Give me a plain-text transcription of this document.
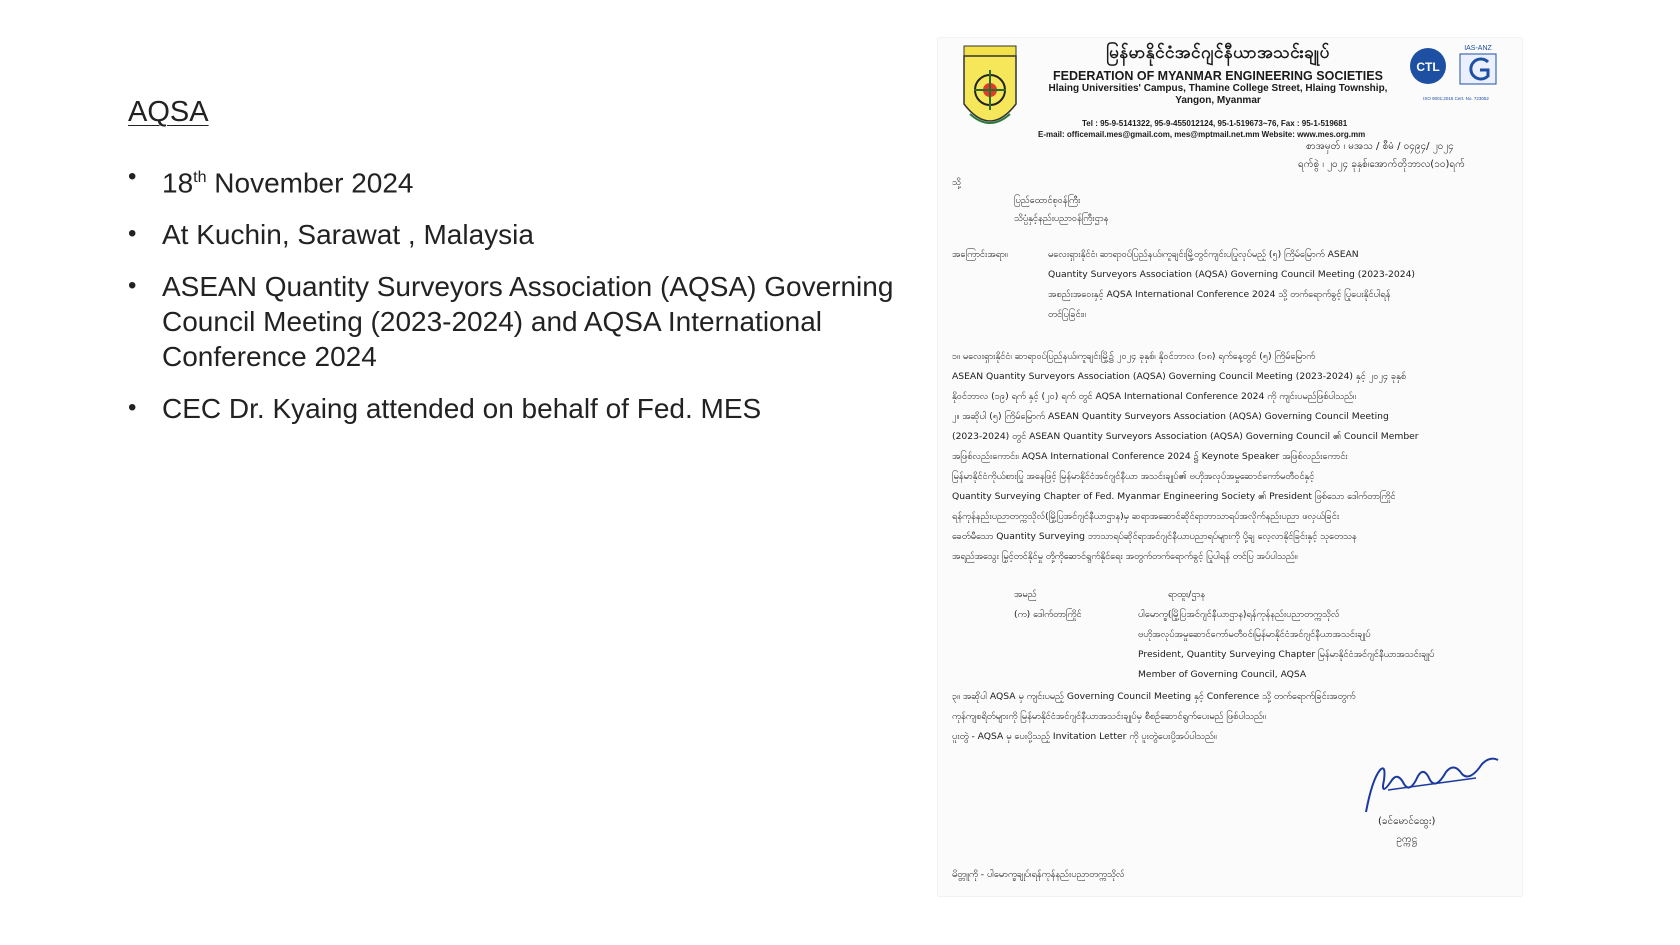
AQSA
• 18th November 2024
• At Kuchin, Sarawat , Malaysia
• ASEAN Quantity Surveyors Association (AQSA) Governing Council Meeting (2023-2024) and AQSA International Conference 2024
• CEC Dr. Kyaing attended on behalf of Fed. MES
CTL
IAS-ANZ
ISO 9001:2015 Cert. No. 723052
မြန်မာနိုင်ငံအင်ဂျင်နီယာအသင်းချုပ်
FEDERATION OF MYANMAR ENGINEERING SOCIETIES
Hlaing Universities' Campus, Thamine College Street, Hlaing Township,
Yangon, Myanmar
Tel : 95-9-5141322, 95-9-455012124, 95-1-519673~76, Fax : 95-1-519681
E-mail: officemail.mes@gmail.com, mes@mptmail.net.mm Website: www.mes.org.mm
စာအမှတ် ၊ မအသ / စီမံ / ၀၄၉၄/ ၂၀၂၄
ရက်စွဲ ၊ ၂၀၂၄ ခုနှစ်၊အောက်တိုဘာလ(၁၀)ရက်
သို့
ပြည်ထောင်စုဝန်ကြီး
သိပ္ပံနှင့်နည်းပညာဝန်ကြီးဌာန
အကြောင်းအရာ။	မလေးရှားနိုင်ငံ၊ ဆာရာဝပ်ပြည်နယ်၊ကူချင်းမြို့တွင်ကျင်းပပြုလုပ်မည့် (၅) ကြိမ်မြောက် ASEAN
Quantity Surveyors Association (AQSA) Governing Council Meeting (2023-2024)
အစည်းအဝေးနှင့် AQSA International Conference 2024 သို့ တက်ရောက်ခွင့် ပြုပေးနိုင်ပါရန်
တင်ပြခြင်း။
၁။ မလေးရှားနိုင်ငံ၊ ဆာရာဝပ်ပြည်နယ်၊ကူချင်းမြို့၌ ၂၀၂၄ ခုနှစ်၊ နိုဝင်ဘာလ (၁၈) ရက်နေ့တွင် (၅) ကြိမ်မြောက်
ASEAN Quantity Surveyors Association (AQSA) Governing Council Meeting (2023-2024) နှင့် ၂၀၂၄ ခုနှစ်
နိုဝင်ဘာလ (၁၉) ရက် နှင့် (၂၀) ရက် တွင် AQSA International Conference 2024 ကို ကျင်းပမည်ဖြစ်ပါသည်။
၂။ အဆိုပါ (၅) ကြိမ်မြောက် ASEAN Quantity Surveyors Association (AQSA) Governing Council Meeting
(2023-2024) တွင် ASEAN Quantity Surveyors Association (AQSA) Governing Council ၏ Council Member
အဖြစ်လည်းကောင်း၊ AQSA International Conference 2024 ၌ Keynote Speaker အဖြစ်လည်းကောင်း
မြန်မာနိုင်ငံကိုယ်စားပြု အနေဖြင့် မြန်မာနိုင်ငံအင်ဂျင်နီယာ အသင်းချုပ်၏ ဗဟိုအလုပ်အမှုဆောင်ကော်မတီဝင်နှင့်
Quantity Surveying Chapter of Fed. Myanmar Engineering Society ၏ President ဖြစ်သော ဒေါက်တာကြိုင်
ရန်ကုန်နည်းပညာတက္ကသိုလ်(မြို့ပြအင်ဂျင်နီယာဌာန)မှ ဆရာအဆောင်ဆိုင်ရာဘာသာရပ်အလိုက်နည်းပညာ ဖလှယ်ခြင်း
ခေတ်မီသော Quantity Surveying ဘာသာရပ်ဆိုင်ရာအင်ဂျင်နီယာပညာရပ်များကို ပို့ချ လေ့လာနိုင်ခြင်းနှင့် သုတေသန
အရည်အသွေး မြှင့်တင်နိုင်မှု တို့ကိုဆောင်ရွက်နိုင်ရေး အတွက်တက်ရောက်ခွင့် ပြုပါရန် တင်ပြ အပ်ပါသည်။
အမည်	ရာထူး/ဌာန
(က) ဒေါက်တာကြိုင်	ပါမောက္ခ(မြို့ပြအင်ဂျင်နီယာဌာန)ရန်ကုန်နည်းပညာတက္ကသိုလ်
ဗဟိုအလုပ်အမှုဆောင်ကော်မတီဝင်၊မြန်မာနိုင်ငံအင်ဂျင်နီယာအသင်းချုပ်
President, Quantity Surveying Chapter မြန်မာနိုင်ငံအင်ဂျင်နီယာအသင်းချုပ်
Member of Governing Council, AQSA
၃။ အဆိုပါ AQSA မှ ကျင်းပမည့် Governing Council Meeting နှင့် Conference သို့ တက်ရောက်ခြင်းအတွက်
ကုန်ကျစရိတ်များကို မြန်မာနိုင်ငံအင်ဂျင်နီယာအသင်းချုပ်မှ စီစဉ်ဆောင်ရွက်ပေးမည် ဖြစ်ပါသည်။
ပူးတွဲ - AQSA မှ ပေးပို့သည့် Invitation Letter ကို ပူးတွဲပေးပို့အပ်ပါသည်။
(ခင်မောင်ထွေး)
ဥက္ကဋ္ဌ
မိတ္တူကို - ပါမောက္ခချုပ်၊ရန်ကုန်နည်းပညာတက္ကသိုလ်
